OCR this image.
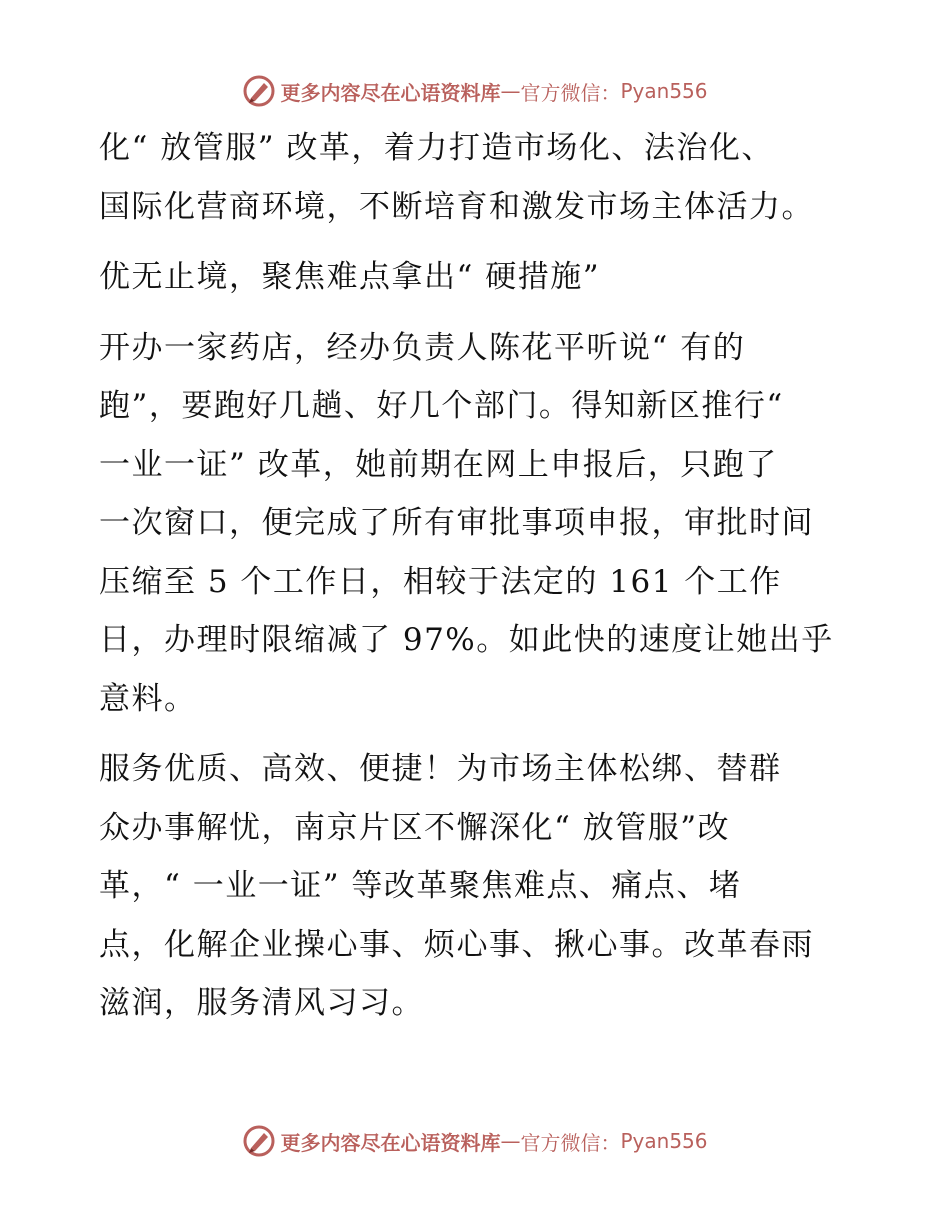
更多内容尽在心语资料库 — 官方微信： Pyan556
化“ 放管服” 改革，着力打造市场化、法治化、
国际化营商环境，不断培育和激发市场主体活力。
优无止境，聚焦难点拿出“ 硬措施”
开办一家药店，经办负责人陈花平听说“ 有的
跑”，要跑好几趟、好几个部门。得知新区推行“
一业一证” 改革，她前期在网上申报后，只跑了
一次窗口，便完成了所有审批事项申报，审批时间
压缩至 5 个工作日，相较于法定的 161 个工作
日，办理时限缩减了 97%。如此快的速度让她出乎
意料。
服务优质、高效、便捷！为市场主体松绑、替群
众办事解忧，南京片区不懈深化“ 放管服”改
革，“ 一业一证” 等改革聚焦难点、痛点、堵
点，化解企业操心事、烦心事、揪心事。改革春雨
滋润，服务清风习习。
更多内容尽在心语资料库 — 官方微信： Pyan556
